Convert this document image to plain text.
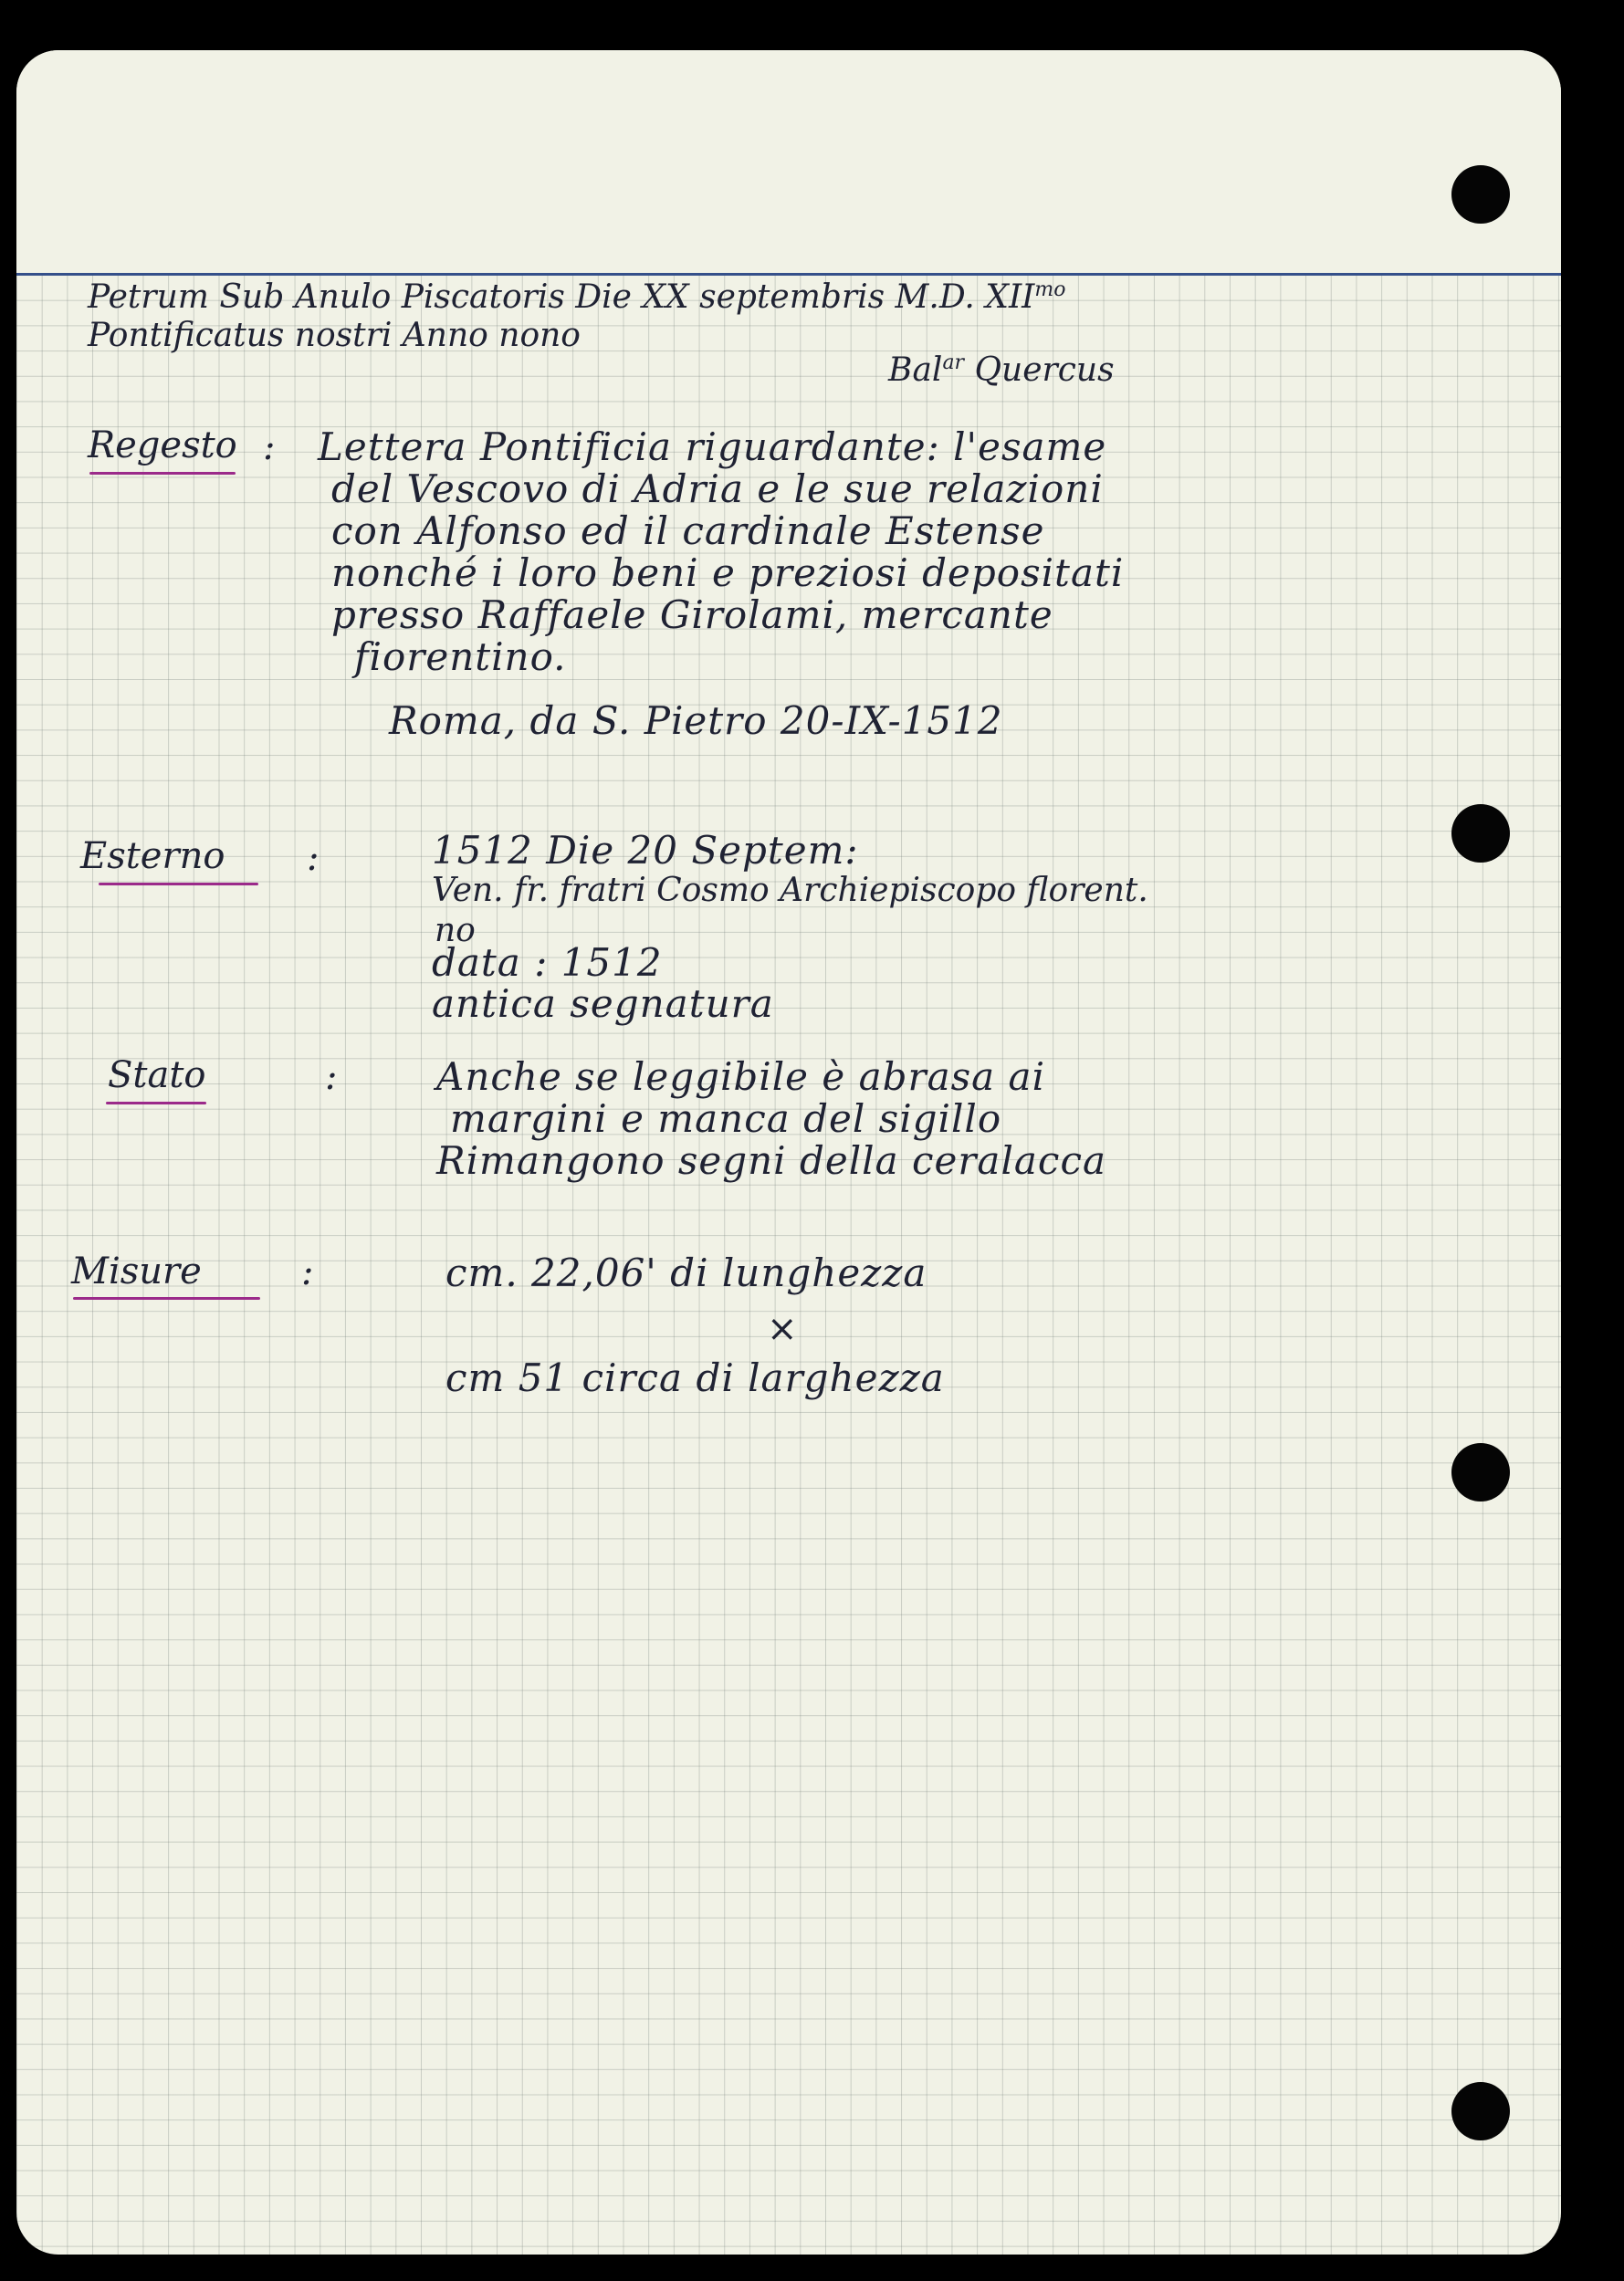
Petrum Sub Anulo Piscatoris Die XX septembris M.D. $XII^{mo}$
Pontificatus nostri Anno nono
Bal$^{ar}$ Quercus
Regesto : Lettera Pontificia riguardante: l'esame
del Vescovo di Adria e le sue relazioni
con Alfonso ed il cardinale Estense
nonché i loro beni e preziosi depositati
presso Raffaele Girolami, mercante
fiorentino.
Roma, da S. Pietro 20-IX-1512
Esterno :	1512 Die 20 Septem:
Ven. fr. fratri Cosmo Archiepiscopo florent.
no
data : 1512
antica segnatura
Stato	:	Anche se leggibile è abrasa ai
margini e manca del sigillo
Rimangono segni della ceralacca
Misure	:	cm. 22,06' di lunghezza
×
cm 51 circa di larghezza
